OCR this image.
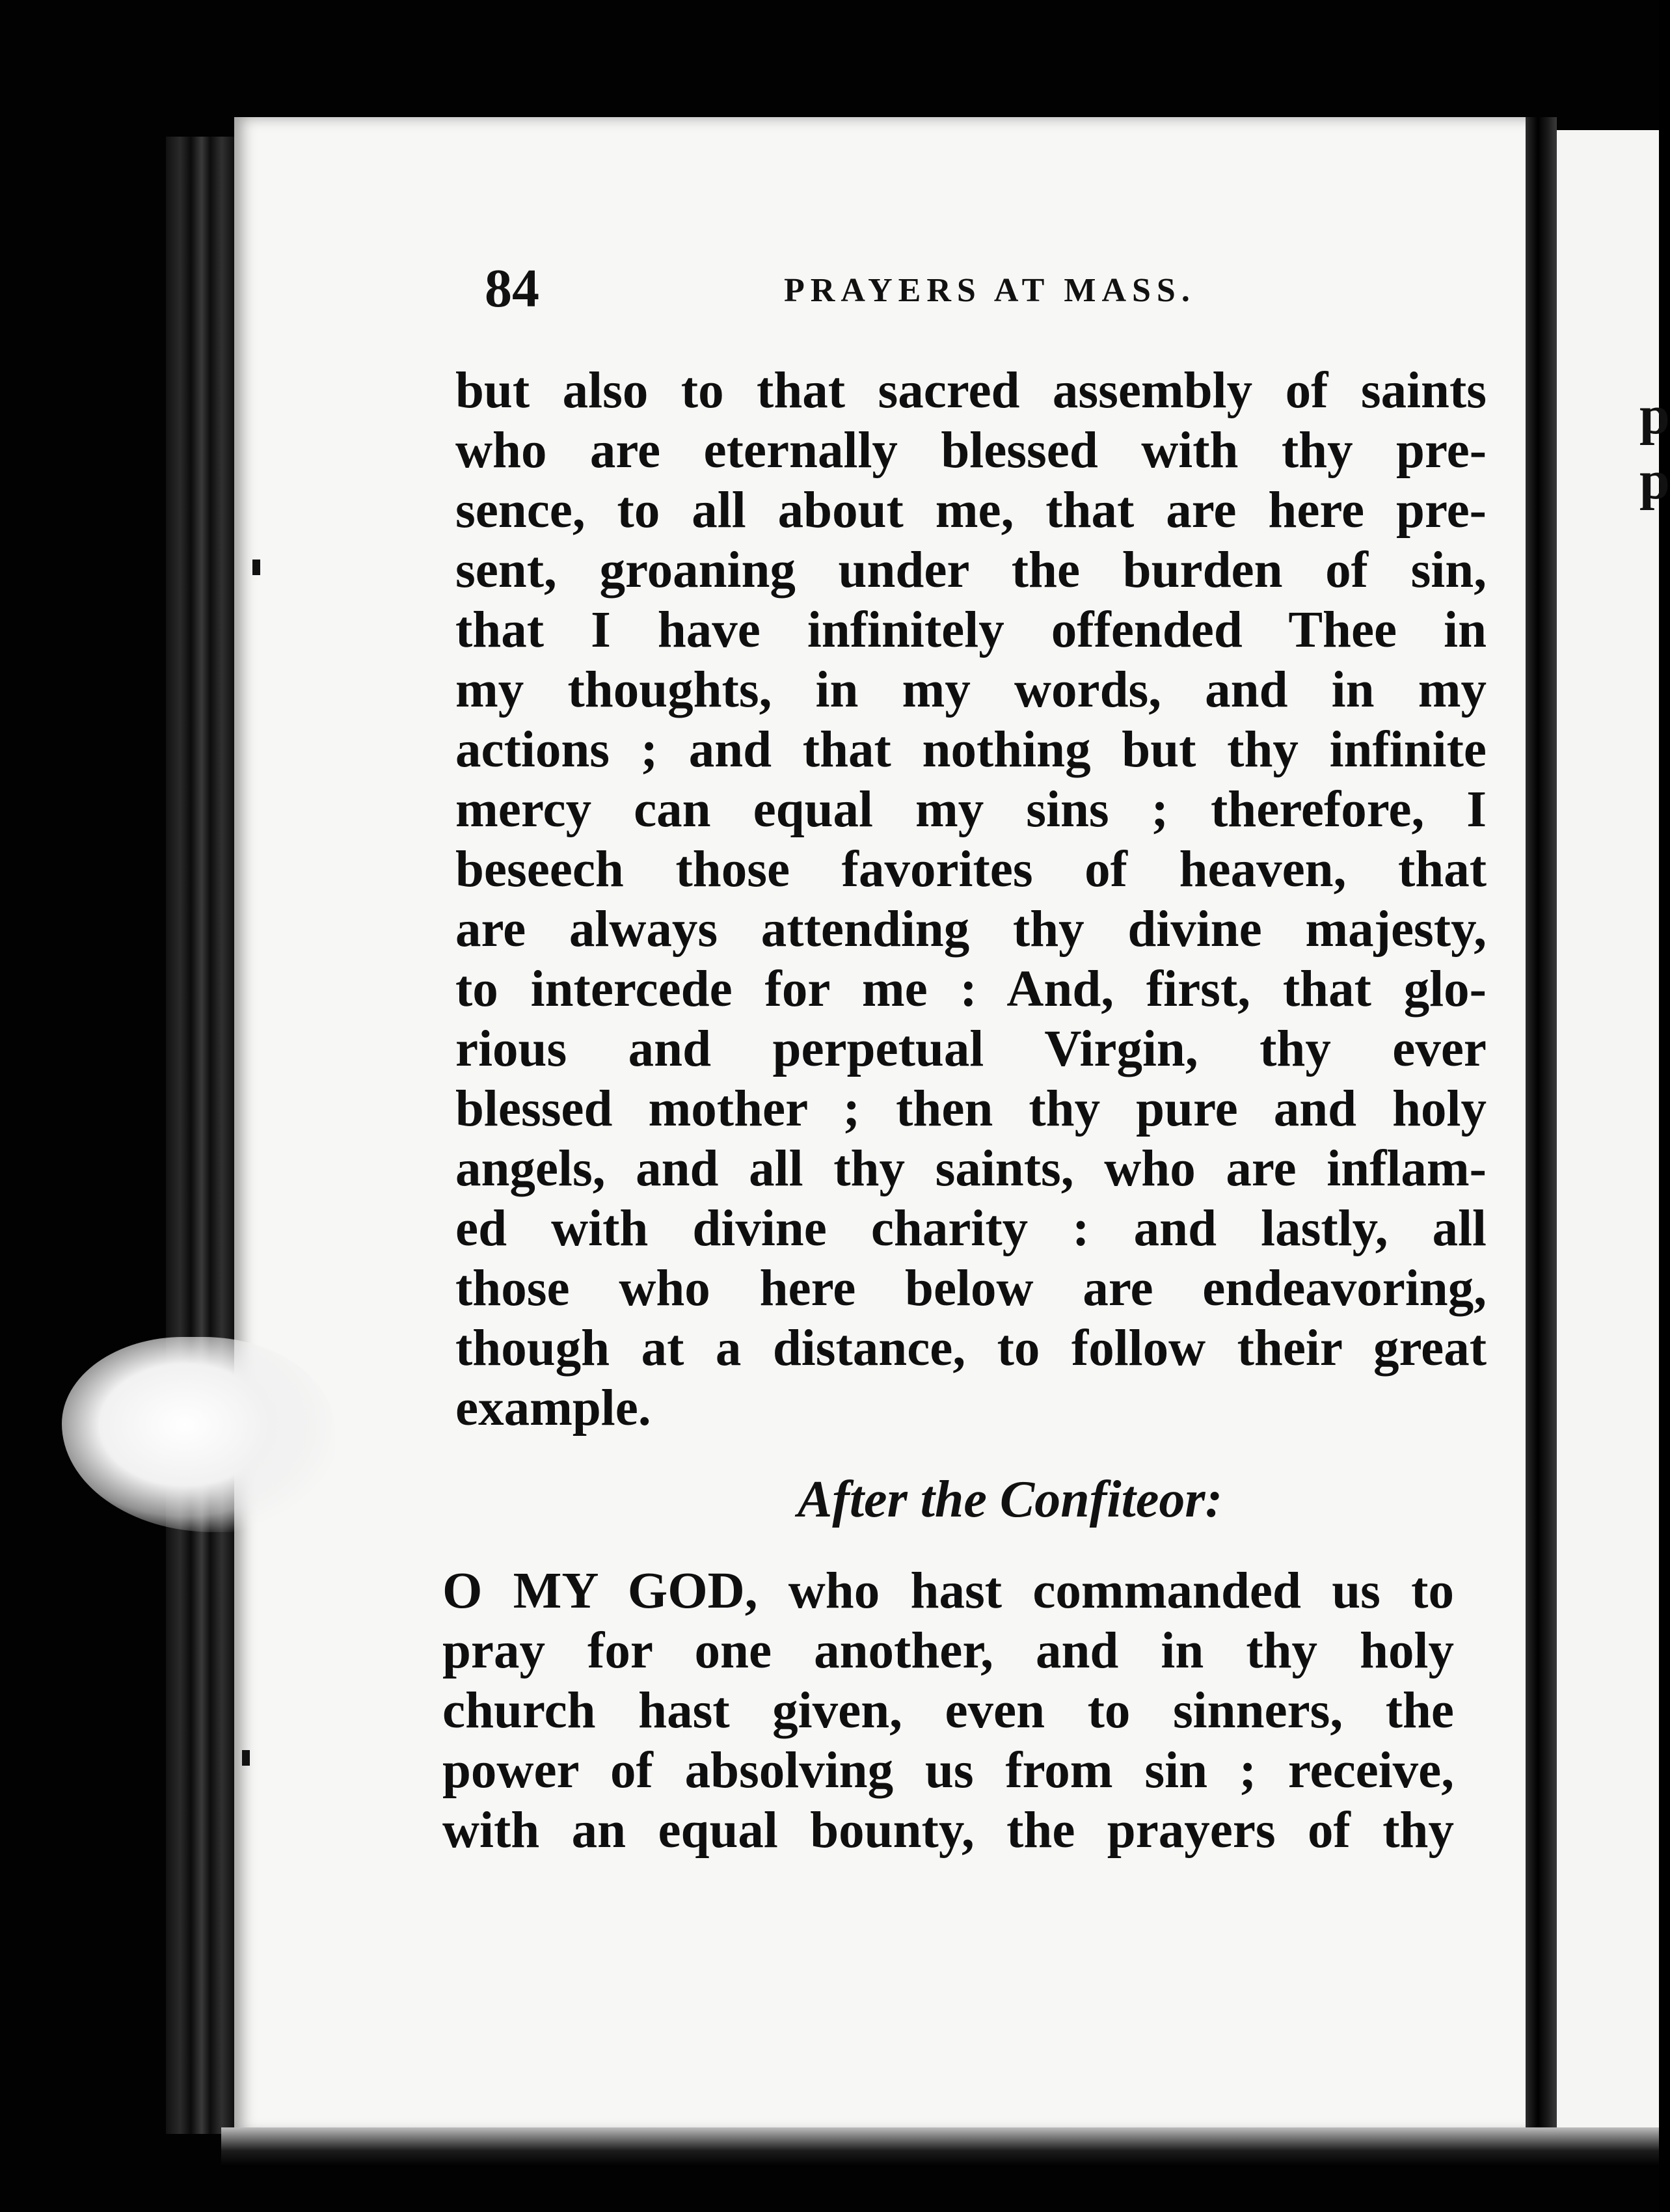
p
p
84	PRAYERS AT MASS.
but also to that sacred assembly of saints
who are eternally blessed with thy pre-
sence, to all about me, that are here pre-
sent, groaning under the burden of sin,
that I have infinitely offended Thee in
my thoughts, in my words, and in my
actions ; and that nothing but thy infinite
mercy can equal my sins ; therefore, I
beseech those favorites of heaven, that
are always attending thy divine majesty,
to intercede for me : And, first, that glo-
rious and perpetual Virgin, thy ever
blessed mother ; then thy pure and holy
angels, and all thy saints, who are inflam-
ed with divine charity : and lastly, all
those who here below are endeavoring,
though at a distance, to follow their great
example.
After the Confiteor:
O MY GOD, who hast commanded us to
pray for one another, and in thy holy
church hast given, even to sinners, the
power of absolving us from sin ; receive,
with an equal bounty, the prayers of thy
